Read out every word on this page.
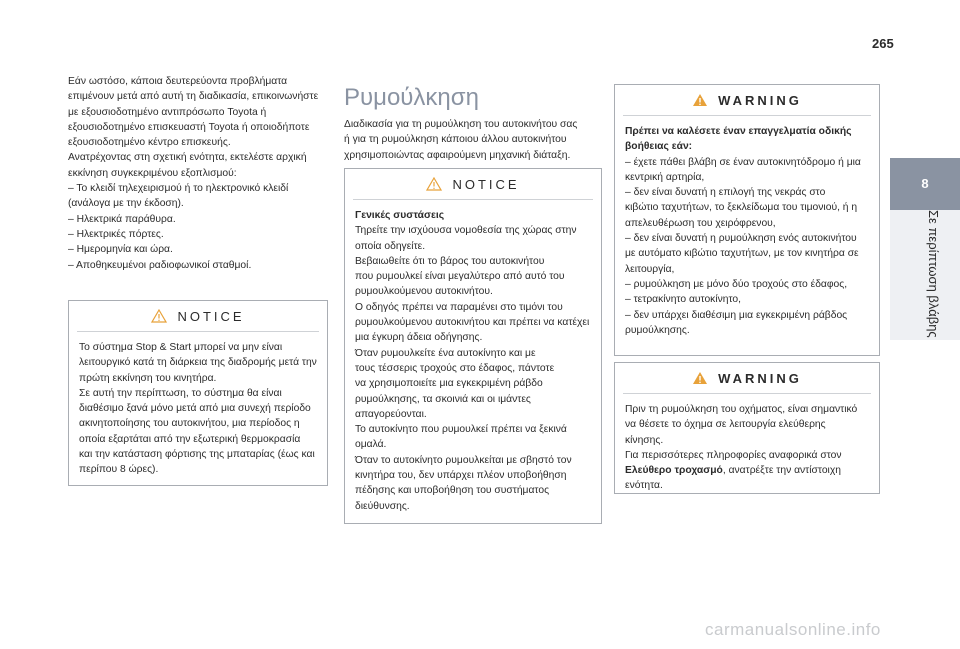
265
8
Σε περίπτωση βλάβης

Εάν ωστόσο, κάποια δευτερεύοντα προβλήματα

επιμένουν μετά από αυτή τη διαδικασία, επικοινωνήστε

με εξουσιοδοτημένο αντιπρόσωπο Toyota ή

εξουσιοδοτημένο επισκευαστή Toyota ή οποιοδήποτε

εξουσιοδοτημένο κέντρο επισκευής.

Ανατρέχοντας στη σχετική ενότητα, εκτελέστε αρχική

εκκίνηση συγκεκριμένου εξοπλισμού:

– Το κλειδί τηλεχειρισμού ή το ηλεκτρονικό κλειδί

(ανάλογα με την έκδοση).

– Ηλεκτρικά παράθυρα.

– Ηλεκτρικές πόρτες.

– Ημερομηνία και ώρα.

– Αποθηκευμένοι ραδιοφωνικοί σταθμοί.

NOTICE

Το σύστημα Stop & Start μπορεί να μην είναι

λειτουργικό κατά τη διάρκεια της διαδρομής μετά την

πρώτη εκκίνηση του κινητήρα.

Σε αυτή την περίπτωση, το σύστημα θα είναι

διαθέσιμο ξανά μόνο μετά από μια συνεχή περίοδο

ακινητοποίησης του αυτοκινήτου, μια περίοδος η

οποία εξαρτάται από την εξωτερική θερμοκρασία

και την κατάσταση φόρτισης της μπαταρίας (έως και

περίπου 8 ώρες).

Ρυμούλκηση

Διαδικασία για τη ρυμούλκηση του αυτοκινήτου σας

ή για τη ρυμούλκηση κάποιου άλλου αυτοκινήτου

χρησιμοποιώντας αφαιρούμενη μηχανική διάταξη.

NOTICE

Γενικές συστάσεις

Τηρείτε την ισχύουσα νομοθεσία της χώρας στην

οποία οδηγείτε.

Βεβαιωθείτε ότι το βάρος του αυτοκινήτου

που ρυμουλκεί είναι μεγαλύτερο από αυτό του

ρυμουλκούμενου αυτοκινήτου.

Ο οδηγός πρέπει να παραμένει στο τιμόνι του

ρυμουλκούμενου αυτοκινήτου και πρέπει να κατέχει

μια έγκυρη άδεια οδήγησης.

Όταν ρυμουλκείτε ένα αυτοκίνητο και με

τους τέσσερις τροχούς στο έδαφος, πάντοτε

να χρησιμοποιείτε μια εγκεκριμένη ράβδο

ρυμούλκησης, τα σκοινιά και οι ιμάντες

απαγορεύονται.

Το αυτοκίνητο που ρυμουλκεί πρέπει να ξεκινά

ομαλά.

Όταν το αυτοκίνητο ρυμουλκείται με σβηστό τον

κινητήρα του, δεν υπάρχει πλέον υποβοήθηση

πέδησης και υποβοήθηση του συστήματος

διεύθυνσης.

WARNING

Πρέπει να καλέσετε έναν επαγγελματία οδικής

βοήθειας εάν:

– έχετε πάθει βλάβη σε έναν αυτοκινητόδρομο ή μια

κεντρική αρτηρία,

– δεν είναι δυνατή η επιλογή της νεκράς στο

κιβώτιο ταχυτήτων, το ξεκλείδωμα του τιμονιού, ή η

απελευθέρωση του χειρόφρενου,

– δεν είναι δυνατή η ρυμούλκηση ενός αυτοκινήτου

με αυτόματο κιβώτιο ταχυτήτων, με τον κινητήρα σε

λειτουργία,

– ρυμούλκηση με μόνο δύο τροχούς στο έδαφος,

– τετρακίνητο αυτοκίνητο,

– δεν υπάρχει διαθέσιμη μια εγκεκριμένη ράβδος

ρυμούλκησης.

WARNING

Πριν τη ρυμούλκηση του οχήματος, είναι σημαντικό

να θέσετε το όχημα σε λειτουργία ελεύθερης

κίνησης.

Για περισσότερες πληροφορίες αναφορικά στον

Ελεύθερο τροχασμό, ανατρέξτε την αντίστοιχη

ενότητα.

carmanualsonline.info
